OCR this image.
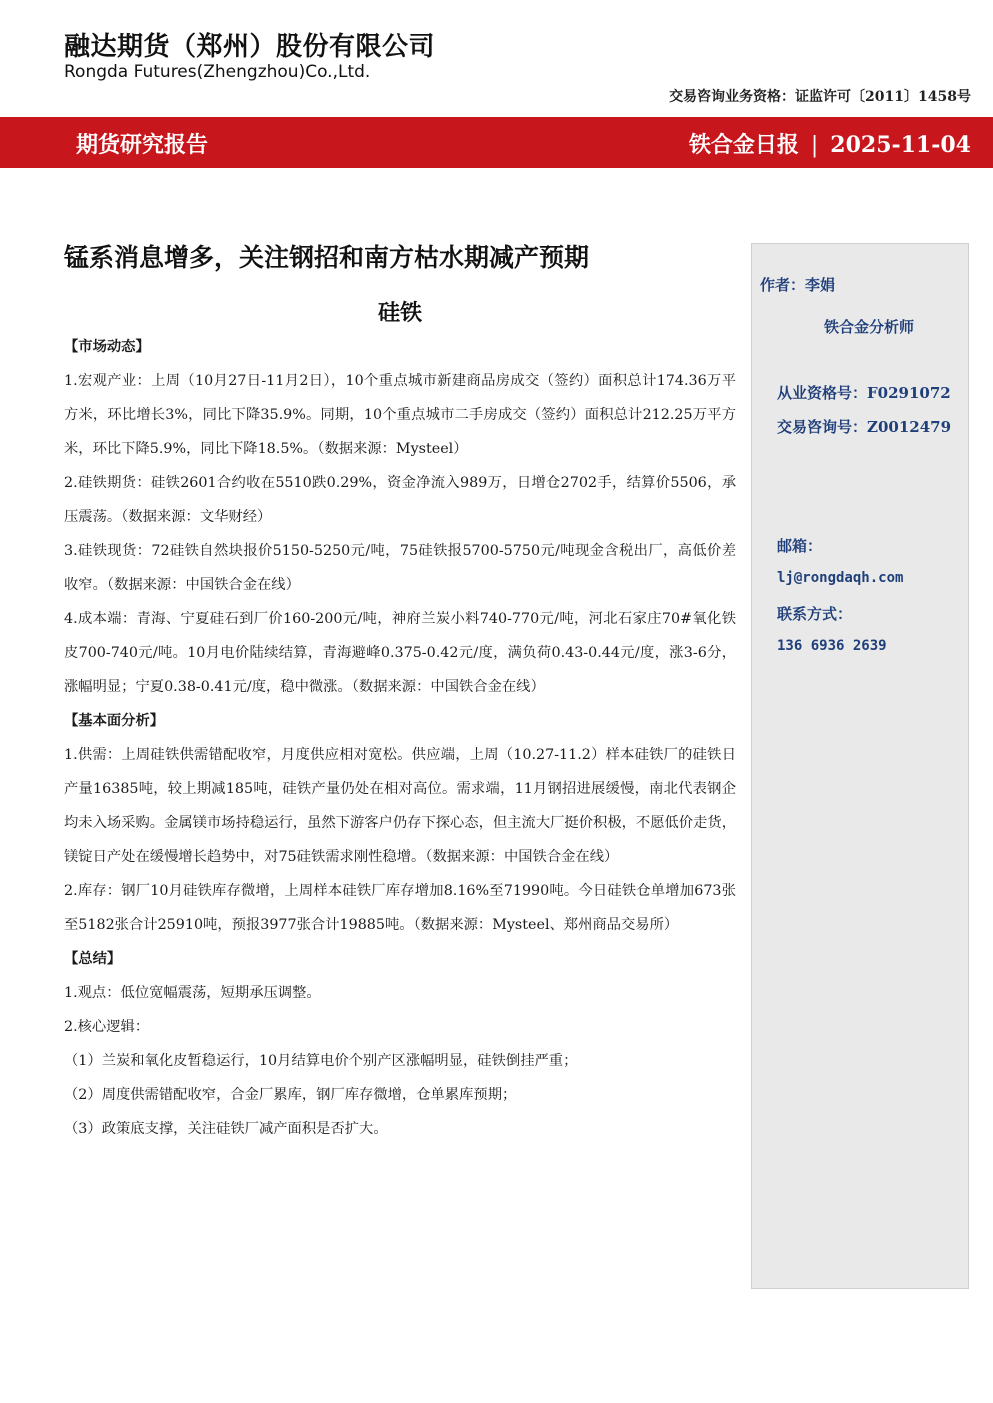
融达期货（郑州）股份有限公司
Rongda Futures(Zhengzhou)Co.,Ltd.
交易咨询业务资格：证监许可〔2011〕1458号
期货研究报告	铁合金日报 | 2025-11-04
锰系消息增多，关注钢招和南方枯水期减产预期
硅铁
【市场动态】

1.宏观产业：上周（10月27日-11月2日），10个重点城市新建商品房成交（签约）面积总计174.36万平方米，环比增长3%，同比下降35.9%。同期，10个重点城市二手房成交（签约）面积总计212.25万平方米，环比下降5.9%，同比下降18.5%。（数据来源：Mysteel）

2.硅铁期货：硅铁2601合约收在5510跌0.29%，资金净流入989万，日增仓2702手，结算价5506，承压震荡。（数据来源：文华财经）

3.硅铁现货：72硅铁自然块报价5150-5250元/吨，75硅铁报5700-5750元/吨现金含税出厂，高低价差收窄。（数据来源：中国铁合金在线）

4.成本端：青海、宁夏硅石到厂价160-200元/吨，神府兰炭小料740-770元/吨，河北石家庄70#氧化铁皮700-740元/吨。10月电价陆续结算，青海避峰0.375-0.42元/度，满负荷0.43-0.44元/度，涨3-6分，涨幅明显；宁夏0.38-0.41元/度，稳中微涨。（数据来源：中国铁合金在线）

【基本面分析】

1.供需：上周硅铁供需错配收窄，月度供应相对宽松。供应端，上周（10.27-11.2）样本硅铁厂的硅铁日产量16385吨，较上期减185吨，硅铁产量仍处在相对高位。需求端，11月钢招进展缓慢，南北代表钢企均未入场采购。金属镁市场持稳运行，虽然下游客户仍存下探心态，但主流大厂挺价积极，不愿低价走货，镁锭日产处在缓慢增长趋势中，对75硅铁需求刚性稳增。（数据来源：中国铁合金在线）

2.库存：钢厂10月硅铁库存微增，上周样本硅铁厂库存增加8.16%至71990吨。今日硅铁仓单增加673张至5182张合计25910吨，预报3977张合计19885吨。（数据来源：Mysteel、郑州商品交易所）

【总结】

1.观点：低位宽幅震荡，短期承压调整。

2.核心逻辑：

（1）兰炭和氧化皮暂稳运行，10月结算电价个别产区涨幅明显，硅铁倒挂严重；

（2）周度供需错配收窄，合金厂累库，钢厂库存微增，仓单累库预期；

（3）政策底支撑，关注硅铁厂减产面积是否扩大。

作者：李娟
铁合金分析师
从业资格号：F0291072
交易咨询号：Z0012479
邮箱：
lj@rongdaqh.com
联系方式：
136 6936 2639
